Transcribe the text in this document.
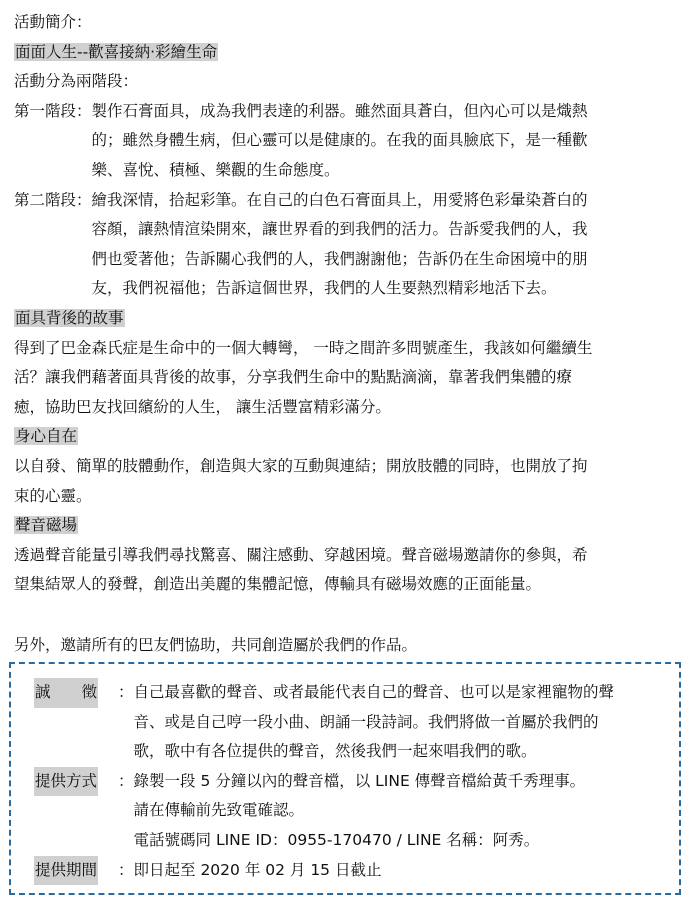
活動簡介：
面面人生--歡喜接納‧彩繪生命
活動分為兩階段：
第一階段： 製作石膏面具，成為我們表達的利器。雖然面具蒼白，但內心可以是熾熱
的；雖然身體生病，但心靈可以是健康的。在我的面具臉底下，是一種歡
樂、喜悅、積極、樂觀的生命態度。
第二階段： 繪我深情，拾起彩筆。在自己的白色石膏面具上，用愛將色彩暈染蒼白的
容顏，讓熱情渲染開來，讓世界看的到我們的活力。告訴愛我們的人，我
們也愛著他；告訴關心我們的人，我們謝謝他；告訴仍在生命困境中的朋
友，我們祝福他；告訴這個世界，我們的人生要熱烈精彩地活下去。
面具背後的故事
得到了巴金森氏症是生命中的一個大轉彎， 一時之間許多問號產生，我該如何繼續生
活？讓我們藉著面具背後的故事，分享我們生命中的點點滴滴，靠著我們集體的療
癒，協助巴友找回繽紛的人生， 讓生活豐富精彩滿分。
身心自在
以自發、簡單的肢體動作，創造與大家的互動與連結；開放肢體的同時，也開放了拘
束的心靈。
聲音磁場
透過聲音能量引導我們尋找驚喜、關注感動、穿越困境。聲音磁場邀請你的參與，希
望集結眾人的發聲，創造出美麗的集體記憶，傳輸具有磁場效應的正面能量。
另外，邀請所有的巴友們協助，共同創造屬於我們的作品。
誠　　徵	： 自己最喜歡的聲音、或者最能代表自己的聲音、也可以是家裡寵物的聲
音、或是自己哼一段小曲、朗誦一段詩詞。我們將做一首屬於我們的
歌，歌中有各位提供的聲音，然後我們一起來唱我們的歌。
提供方式	： 錄製一段 5 分鐘以內的聲音檔，以 LINE 傳聲音檔給黃千秀理事。
請在傳輸前先致電確認。
電話號碼同 LINE ID：0955-170470 / LINE 名稱：阿秀。
提供期間	： 即日起至 2020 年 02 月 15 日截止
